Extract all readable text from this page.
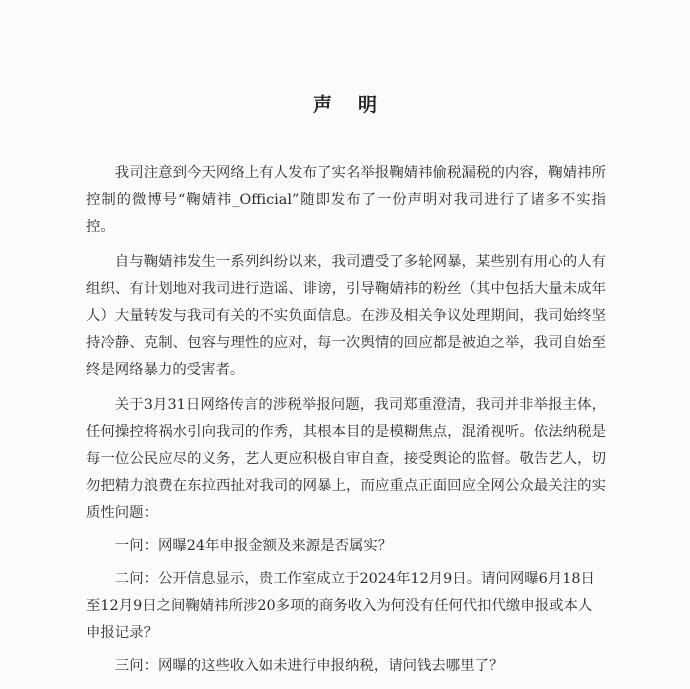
声明

我司注意到今天网络上有人发布了实名举报鞠婧祎偷税漏税的内容，鞠婧祎所控制的微博号“鞠婧祎_Official”随即发布了一份声明对我司进行了诸多不实指控。

自与鞠婧祎发生一系列纠纷以来，我司遭受了多轮网暴，某些别有用心的人有组织、有计划地对我司进行造谣、诽谤，引导鞠婧祎的粉丝（其中包括大量未成年人）大量转发与我司有关的不实负面信息。在涉及相关争议处理期间，我司始终坚持冷静、克制、包容与理性的应对，每一次舆情的回应都是被迫之举，我司自始至终是网络暴力的受害者。

关于3月31日网络传言的涉税举报问题，我司郑重澄清，我司并非举报主体，任何操控将祸水引向我司的作秀，其根本目的是模糊焦点，混淆视听。依法纳税是每一位公民应尽的义务，艺人更应积极自审自查，接受舆论的监督。敬告艺人，切勿把精力浪费在东拉西扯对我司的网暴上，而应重点正面回应全网公众最关注的实质性问题：

一问：网曝24年申报金额及来源是否属实？

二问：公开信息显示，贵工作室成立于2024年12月9日。请问网曝6月18日至12月9日之间鞠婧祎所涉20多项的商务收入为何没有任何代扣代缴申报或本人申报记录？

三问：网曝的这些收入如未进行申报纳税，请问钱去哪里了？
